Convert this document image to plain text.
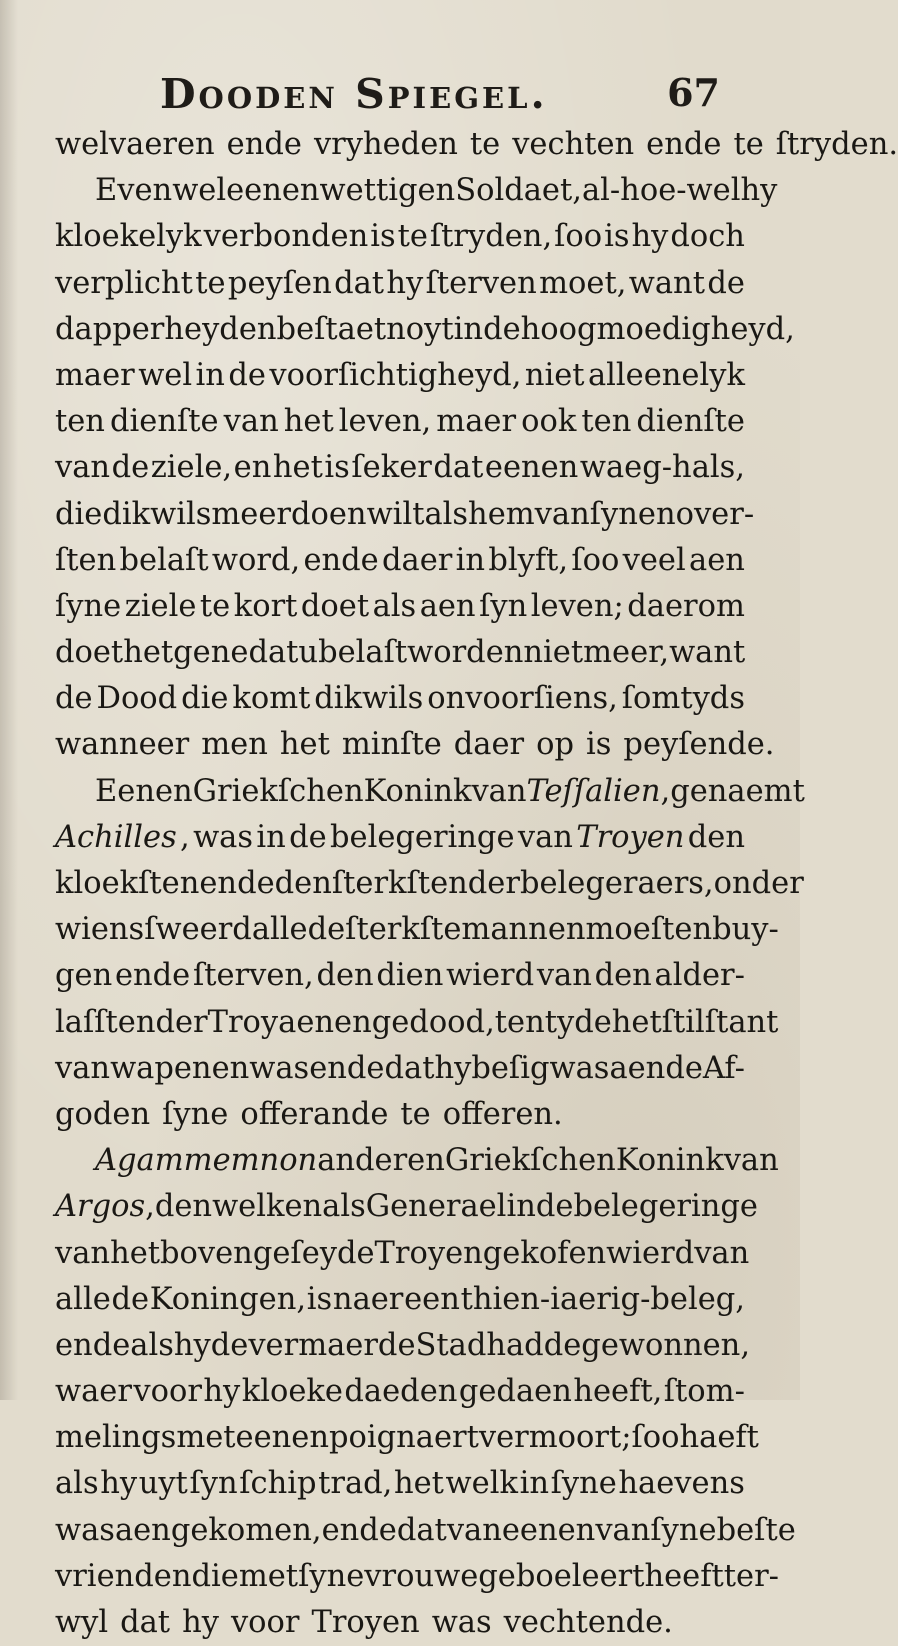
Dooden Spiegel.	67
welvaeren ende vryheden te vechten ende te ſtryden.
Evenwel eenen wettigen Soldaet, al-hoe-wel hy
kloekelyk verbonden is te ſtryden, ſoo is hy doch
verplicht te peyſen dat hy ſterven moet, want de
dapperheyd en beſtaet noyt in de hoogmoedigheyd,
maer wel in de voorſichtigheyd, niet alleenelyk
ten dienſte van het leven, maer ook ten dienſte
van de ziele, en het is ſeker dat eenen waeg-hals,
die dikwils meer doen wilt als hem van ſynen over-
ſten belaſt word, ende daer in blyft, ſoo veel aen
ſyne ziele te kort doet als aen ſyn leven; daerom
doet het gene dat u belaſt word en niet meer, want
de Dood die komt dikwils onvoorſiens, ſomtyds
wanneer men het minſte daer op is peyſende.
Eenen Griekſchen Konink van Teſſalien , genaemt
Achilles , was in de belegeringe van Troyen den
kloekſten ende den ſterkſten der belegeraers, onder
wiens ſweerd alle de ſterkſte mannen moeſten buy-
gen ende ſterven, den dien wierd van den alder-
laſſten der Troyaenen gedood, ten tyde het ſtilſtant
van wapenen was ende dat hy beſig was aen de Af-
goden ſyne offerande te offeren.
Agammemnon anderen Griekſchen Konink van
Argos , den welken als Generael in de belegeringe
van het boven geſeyde Troyen gekofen wierd van
alle de Koningen, is naer een thien-iaerig-beleg,
ende als hy de vermaerde Stad hadde gewonnen,
waer voor hy kloeke daeden gedaen heeft, ſtom-
melings met eenen poignaert vermoort; ſoo haeft
als hy uyt ſyn ſchip trad, het welk in ſyne haevens
was aengekomen, ende dat van eenen van ſyne beſte
vrienden die met ſyne vrouwe geboeleert heeft ter-
wyl dat hy voor Troyen was vechtende.
